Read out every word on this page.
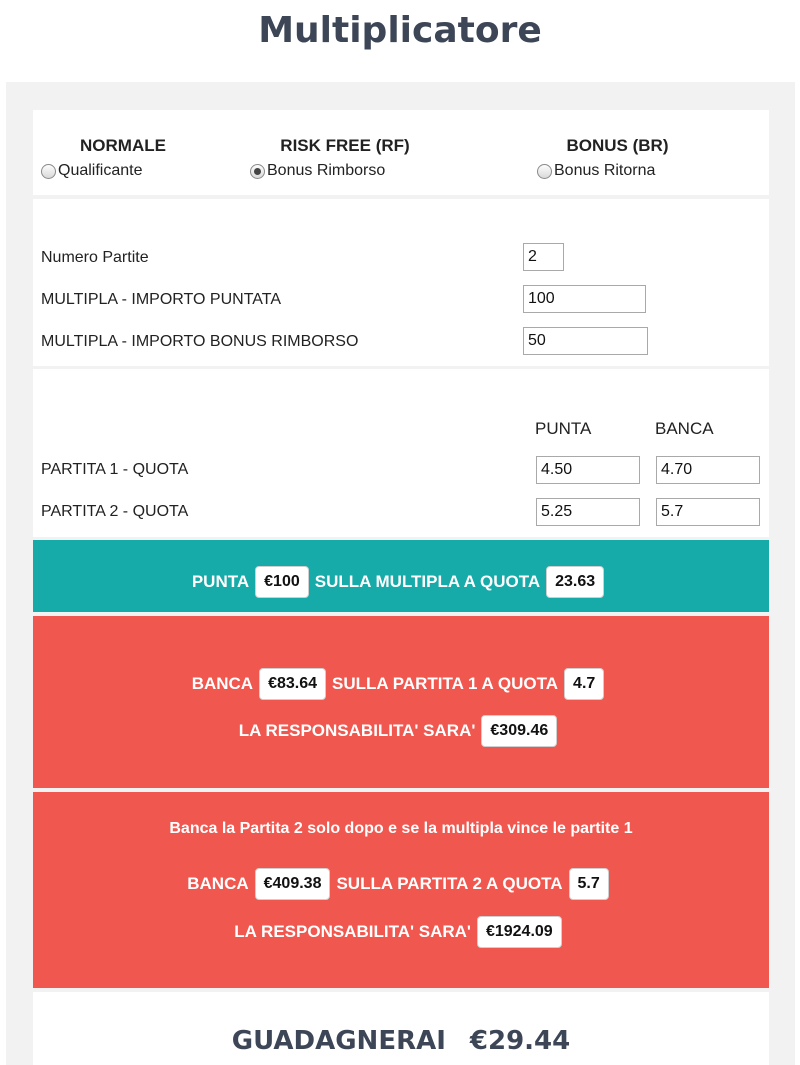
Multiplicatore
NORMALE
Qualificante
RISK FREE (RF)
Bonus Rimborso
BONUS (BR)
Bonus Ritorna
Numero Partite
2
MULTIPLA - IMPORTO PUNTATA
100
MULTIPLA - IMPORTO BONUS RIMBORSO
50
PUNTA	BANCA
PARTITA 1 - QUOTA
4.50
4.70
PARTITA 2 - QUOTA
5.25
5.7
PUNTA €100 SULLA MULTIPLA A QUOTA 23.63
BANCA €83.64 SULLA PARTITA 1 A QUOTA 4.7
LA RESPONSABILITA' SARA' €309.46
Banca la Partita 2 solo dopo e se la multipla vince le partite 1
BANCA €409.38 SULLA PARTITA 2 A QUOTA 5.7
LA RESPONSABILITA' SARA' €1924.09
GUADAGNERAI €29.44
